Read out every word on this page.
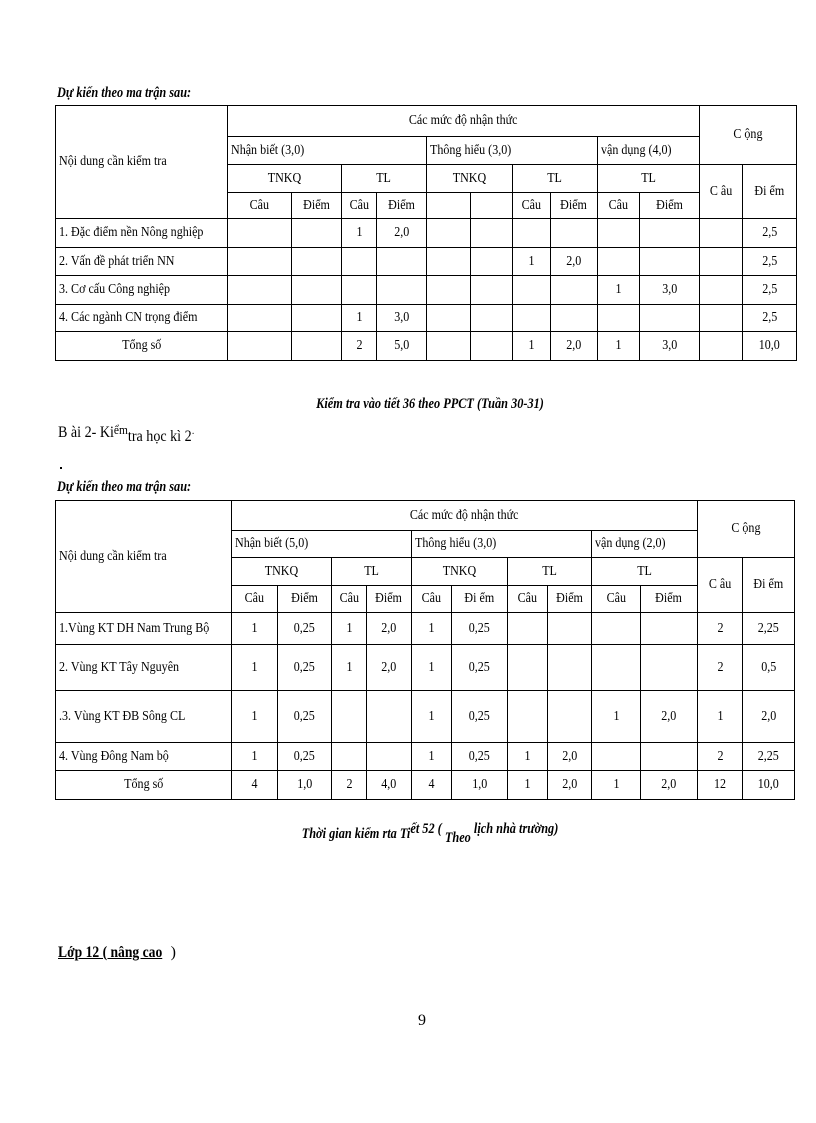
Dự kiến theo ma trận sau:
Nội dung cần kiểm tra	Các mức độ nhận thức										C ộng	
	Nhận biết (3,0)				Thông hiểu (3,0)				vận dụng (4,0)			
	TNKQ		TL		TNKQ		TL		TL		C âu	Đi ểm
	Câu	Điểm	Câu	Điểm			Câu	Điểm	Câu	Điểm		
1. Đặc điểm nền Nông nghiệp			1	2,0								2,5
2. Vấn đề phát triển NN							1	2,0				2,5
3. Cơ cấu Công nghiệp									1	3,0		2,5
4. Các ngành CN trọng điểm			1	3,0								2,5
Tổng số			2	5,0			1	2,0	1	3,0		10,0
Kiểm tra vào tiết 36 theo PPCT (Tuần 30-31)
B ài 2- Kiểmtra học kì 2·
Dự kiến theo ma trận sau:
Nội dung cần kiểm tra	Các mức độ nhận thức										C ộng	
	Nhận biết (5,0)				Thông hiểu (3,0)				vận dụng (2,0)			
	TNKQ		TL		TNKQ		TL		TL		C âu	Đi ểm
	Câu	Điểm	Câu	Điểm	Câu	Đi ểm	Câu	Điểm	Câu	Điểm		
1.Vùng KT DH Nam Trung Bộ	1	0,25	1	2,0	1	0,25					2	2,25
2. Vùng KT Tây Nguyên	1	0,25	1	2,0	1	0,25					2	0,5
.3. Vùng KT ĐB Sông CL	1	0,25			1	0,25			1	2,0	1	2,0
4. Vùng Đông Nam bộ	1	0,25			1	0,25	1	2,0			2	2,25
Tổng số	4	1,0	2	4,0	4	1,0	1	2,0	1	2,0	12	10,0
Thời gian kiểm rta Tiết 52 ( Theo lịch nhà trường)
Lớp 12 ( nâng cao )
9
